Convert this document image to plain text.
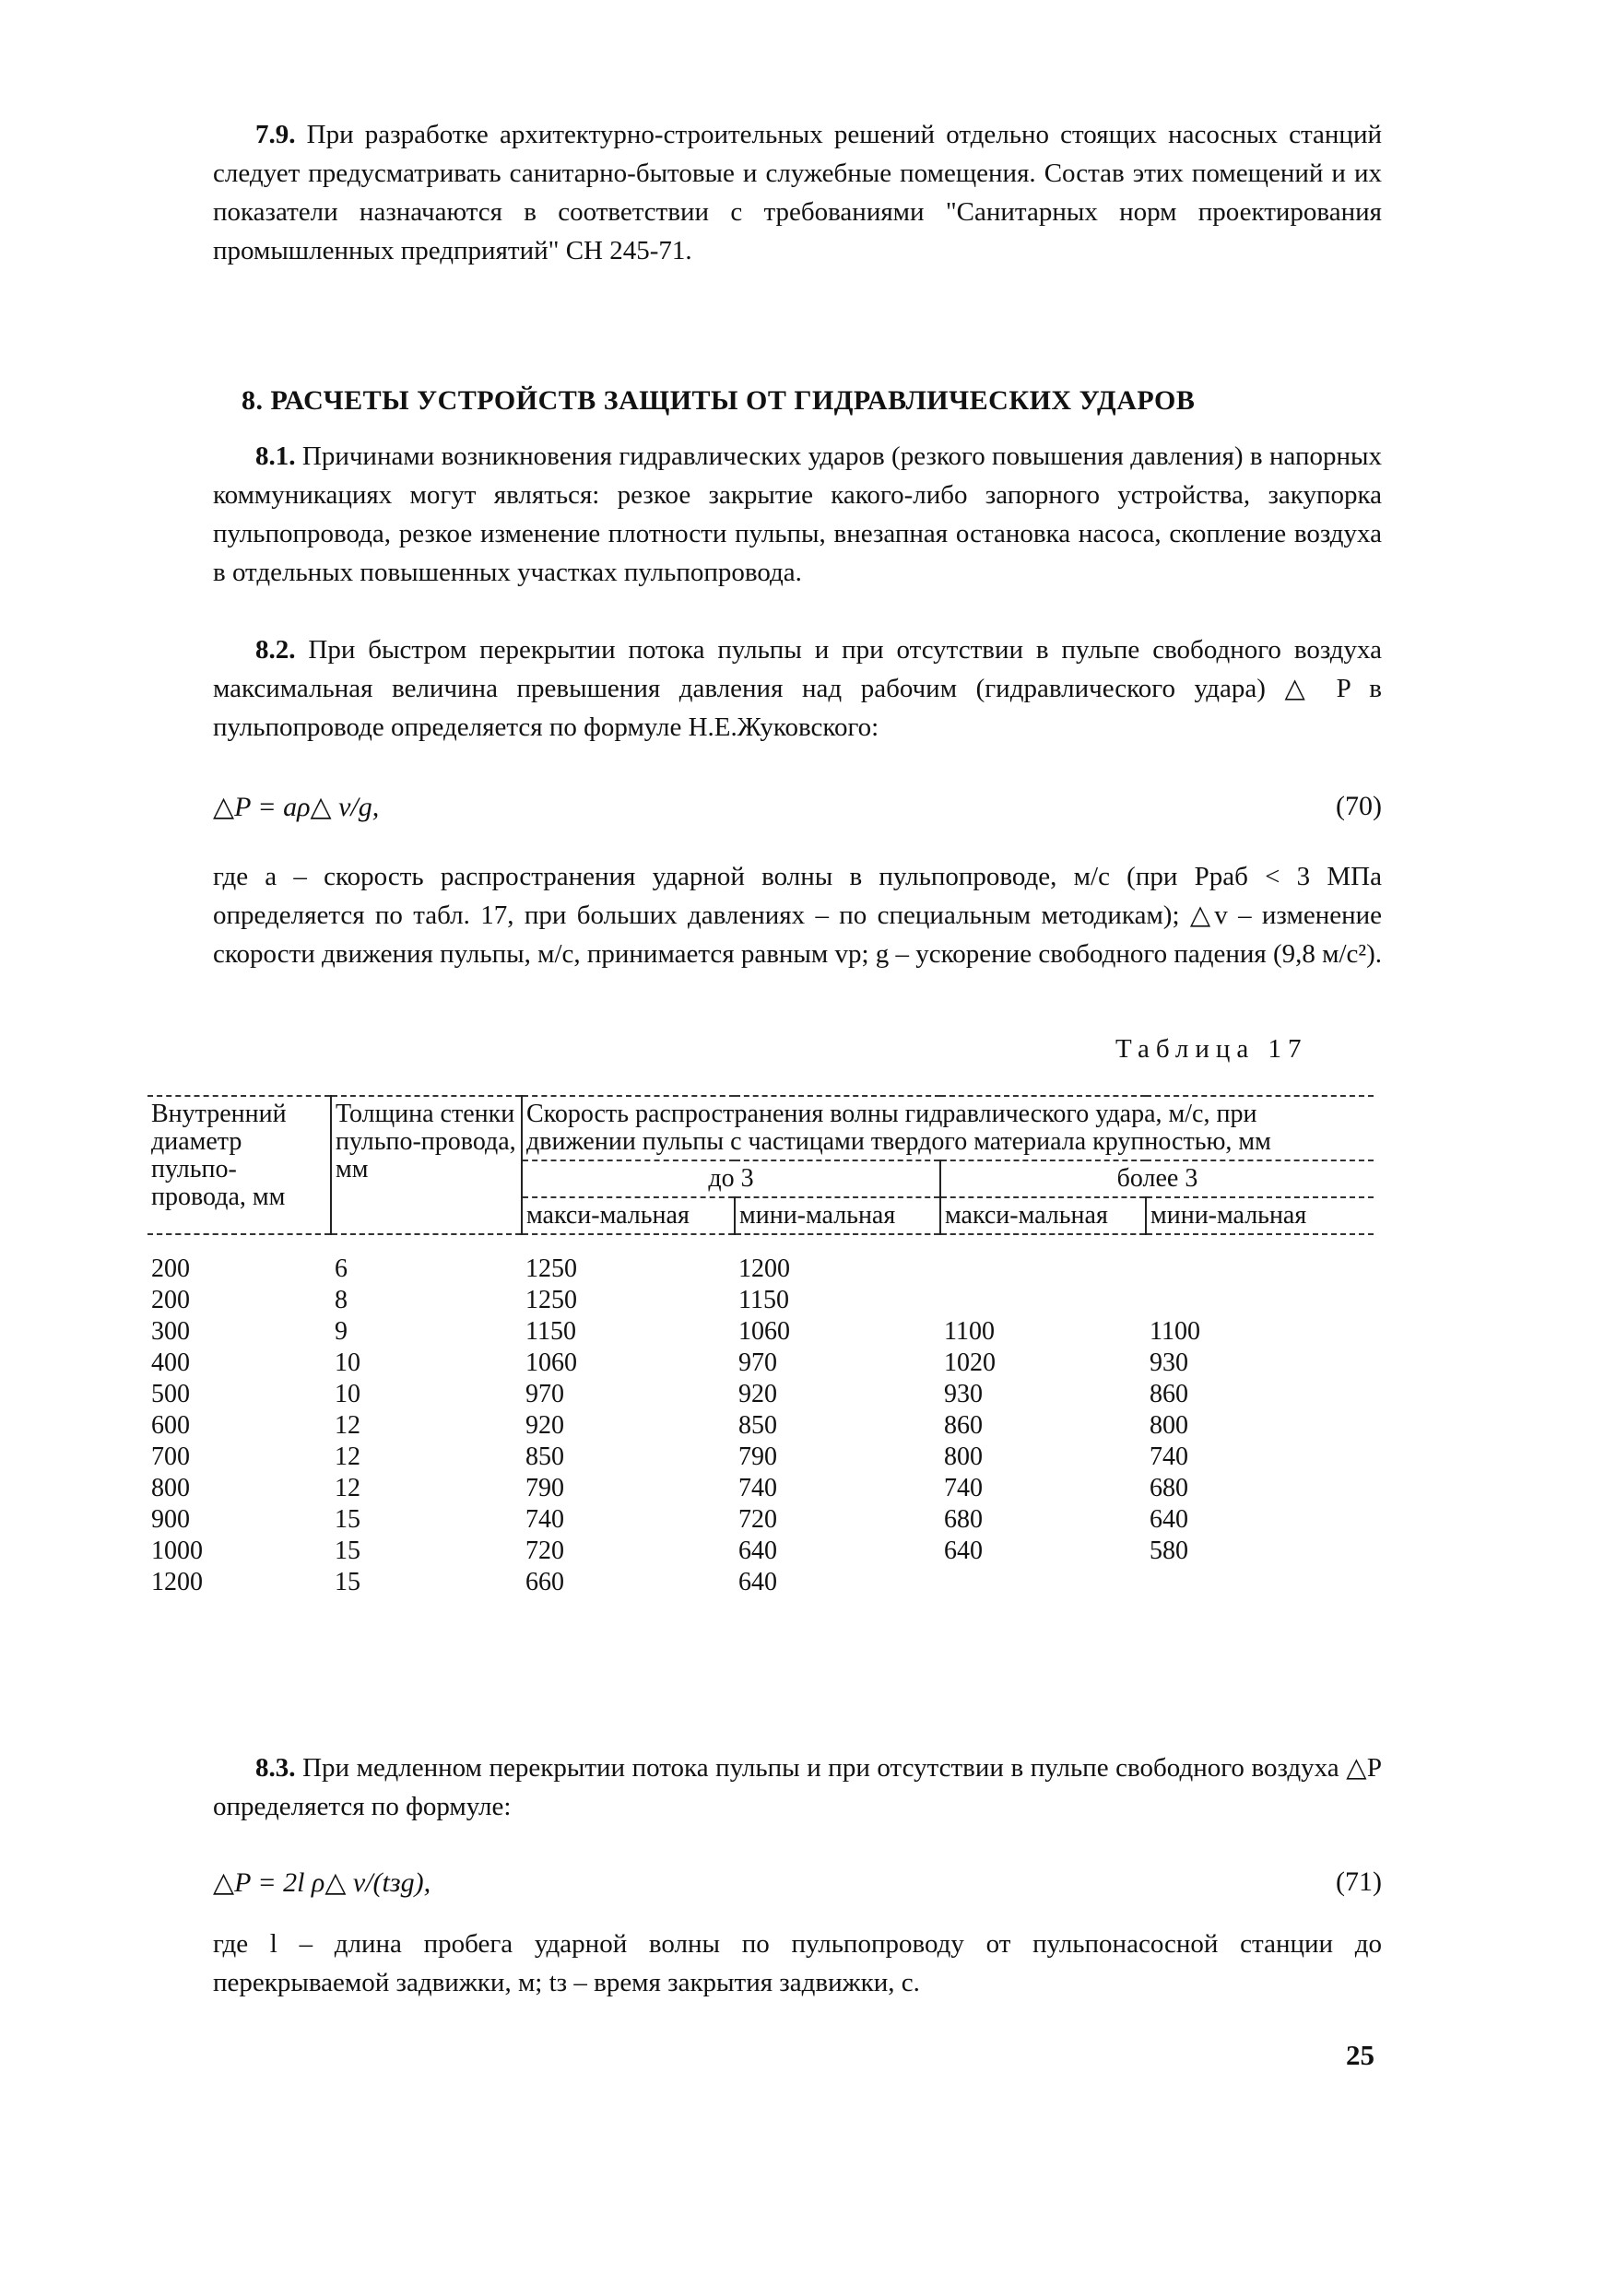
7.9. При разработке архитектурно-строительных решений отдельно стоящих насосных станций следует предусматривать санитарно-бытовые и служебные помещения. Состав этих помещений и их показатели назначаются в соответствии с требованиями "Санитарных норм проектирования промышленных предприятий" СН 245-71.

8. РАСЧЕТЫ УСТРОЙСТВ ЗАЩИТЫ ОТ ГИДРАВЛИЧЕСКИХ УДАРОВ

8.1. Причинами возникновения гидравлических ударов (резкого повышения давления) в напорных коммуникациях могут являться: резкое закрытие какого-либо запорного устройства, закупорка пульпопровода, резкое изменение плотности пульпы, внезапная остановка насоса, скопление воздуха в отдельных повышенных участках пульпопровода.

8.2. При быстром перекрытии потока пульпы и при отсутствии в пульпе свободного воздуха максимальная величина превышения давления над рабочим (гидравлического удара) △ P в пульпопроводе определяется по формуле Н.Е.Жуковского:

△P = aρ△ v/g,	(70)

где a – скорость распространения ударной волны в пульпопроводе, м/с (при Pраб < 3 МПа определяется по табл. 17, при больших давлениях – по специальным методикам); △v – изменение скорости движения пульпы, м/с, принимается равным vр; g – ускорение свободного падения (9,8 м/с²).

Таблица 17
Внутренний диаметр пульпо-провода, мм	Толщина стенки пульпо-провода, мм	Скорость распространения волны гидравлического удара, м/с, при движении пульпы с частицами твердого материала крупностью, мм			
		до 3		более 3	
		макси-мальная	мини-мальная	макси-мальная	мини-мальная
200	6	1250	1200		
200	8	1250	1150		
300	9	1150	1060	1100	1100
400	10	1060	970	1020	930
500	10	970	920	930	860
600	12	920	850	860	800
700	12	850	790	800	740
800	12	790	740	740	680
900	15	740	720	680	640
1000	15	720	640	640	580
1200	15	660	640		

8.3. При медленном перекрытии потока пульпы и при отсутствии в пульпе свободного воздуха △P определяется по формуле:

△P = 2l ρ△ v/(tзg),	(71)

где l – длина пробега ударной волны по пульпопроводу от пульпонасосной станции до перекрываемой задвижки, м; tз – время закрытия задвижки, с.

25
